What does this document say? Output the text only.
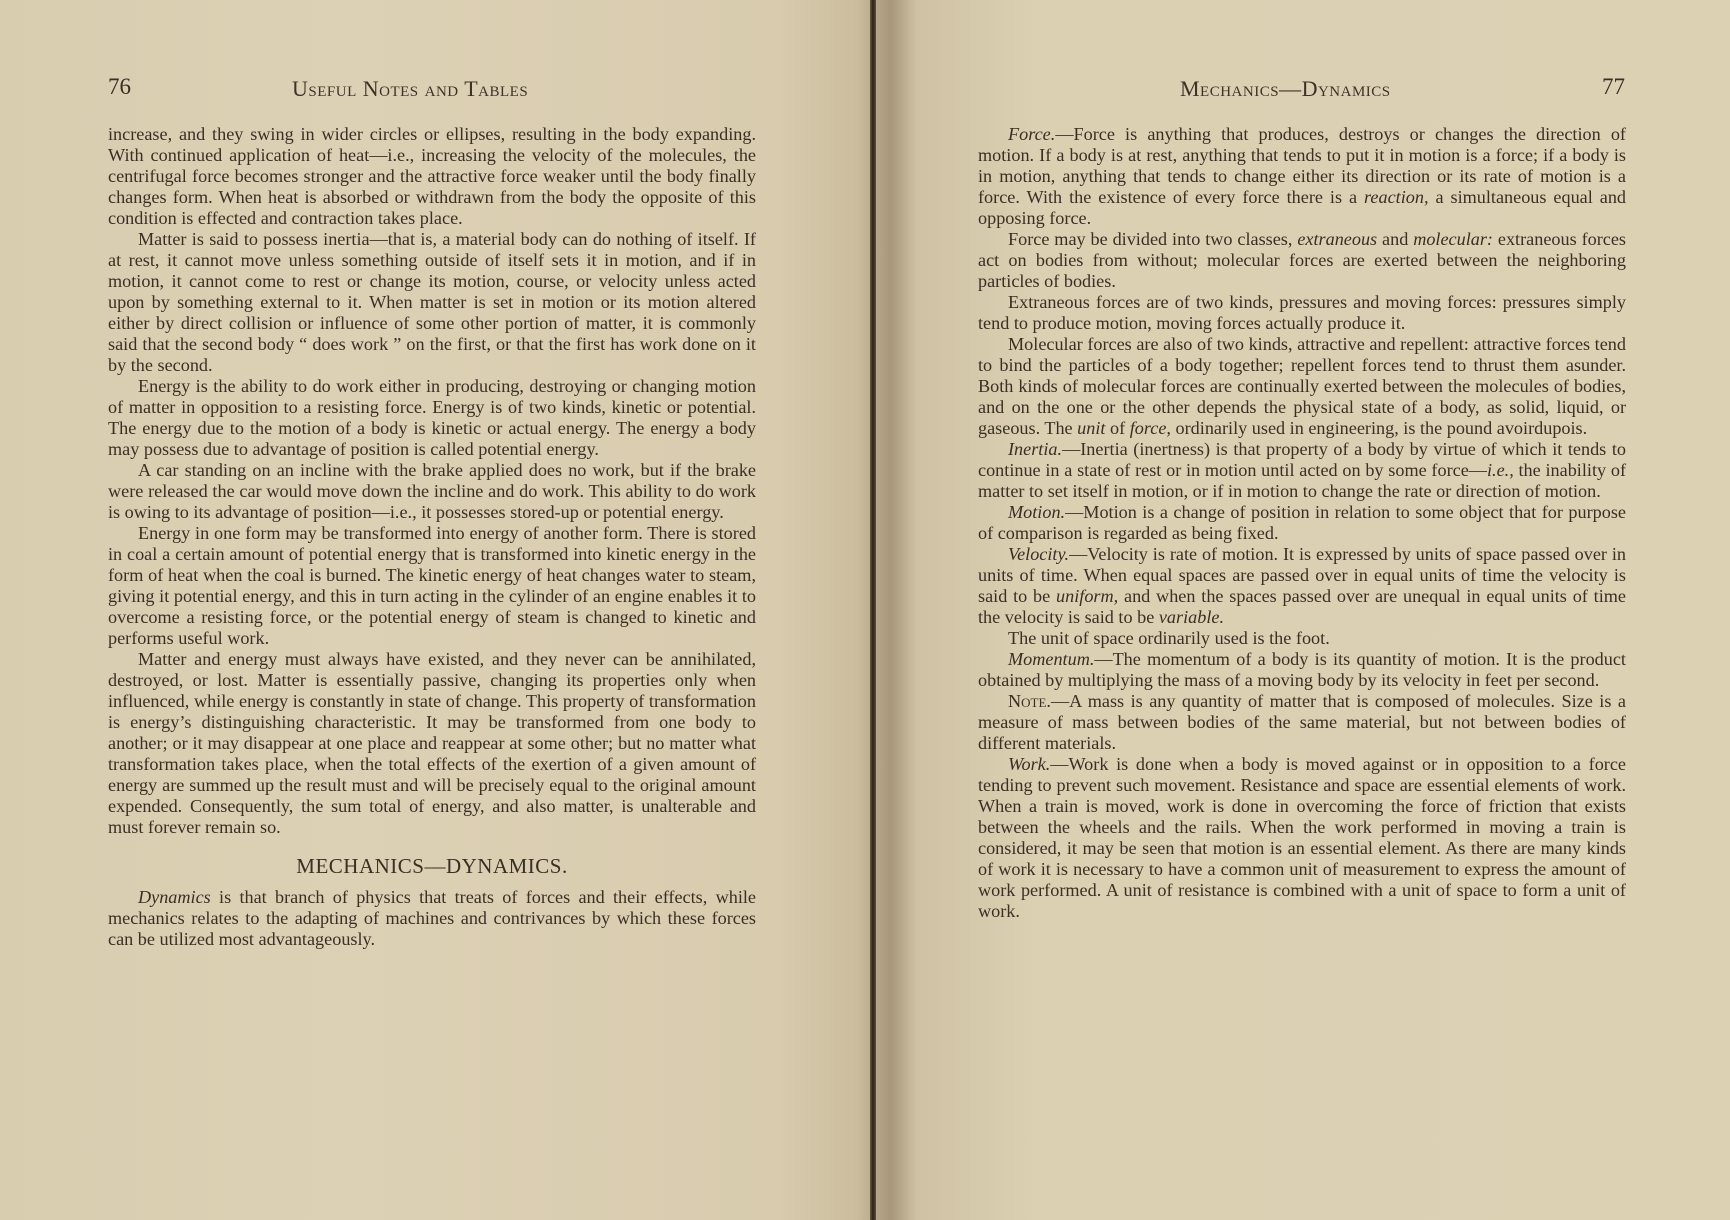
76	Useful Notes and Tables

increase, and they swing in wider circles or ellipses, resulting in the body expanding. With continued application of heat—i.e., increasing the velocity of the molecules, the centrifugal force becomes stronger and the attractive force weaker until the body finally changes form. When heat is absorbed or withdrawn from the body the opposite of this condition is effected and contraction takes place.

Matter is said to possess inertia—that is, a material body can do nothing of itself. If at rest, it cannot move unless something outside of itself sets it in motion, and if in motion, it cannot come to rest or change its motion, course, or velocity unless acted upon by something external to it. When matter is set in motion or its motion altered either by direct collision or influence of some other portion of matter, it is commonly said that the second body “ does work ” on the first, or that the first has work done on it by the second.

Energy is the ability to do work either in producing, destroying or changing motion of matter in opposition to a resisting force. Energy is of two kinds, kinetic or potential. The energy due to the motion of a body is kinetic or actual energy. The energy a body may possess due to advantage of position is called potential energy.

A car standing on an incline with the brake applied does no work, but if the brake were released the car would move down the incline and do work. This ability to do work is owing to its advantage of position—i.e., it possesses stored-up or potential energy.

Energy in one form may be transformed into energy of another form. There is stored in coal a certain amount of potential energy that is transformed into kinetic energy in the form of heat when the coal is burned. The kinetic energy of heat changes water to steam, giving it potential energy, and this in turn acting in the cylinder of an engine enables it to overcome a resisting force, or the potential energy of steam is changed to kinetic and performs useful work.

Matter and energy must always have existed, and they never can be annihilated, destroyed, or lost. Matter is essentially passive, changing its properties only when influenced, while energy is constantly in state of change. This property of transformation is energy’s distinguishing characteristic. It may be transformed from one body to another; or it may disappear at one place and reappear at some other; but no matter what transformation takes place, when the total effects of the exertion of a given amount of energy are summed up the result must and will be precisely equal to the original amount expended. Consequently, the sum total of energy, and also matter, is unalterable and must forever remain so.

MECHANICS—DYNAMICS.

Dynamics is that branch of physics that treats of forces and their effects, while mechanics relates to the adapting of machines and contrivances by which these forces can be utilized most advantageously.

Mechanics—Dynamics	77

Force.—Force is anything that produces, destroys or changes the direction of motion. If a body is at rest, anything that tends to put it in motion is a force; if a body is in motion, anything that tends to change either its direction or its rate of motion is a force. With the existence of every force there is a reaction, a simultaneous equal and opposing force.

Force may be divided into two classes, extraneous and molecular: extraneous forces act on bodies from without; molecular forces are exerted between the neighboring particles of bodies.

Extraneous forces are of two kinds, pressures and moving forces: pressures simply tend to produce motion, moving forces actually produce it.

Molecular forces are also of two kinds, attractive and repellent: attractive forces tend to bind the particles of a body together; repellent forces tend to thrust them asunder. Both kinds of molecular forces are continually exerted between the molecules of bodies, and on the one or the other depends the physical state of a body, as solid, liquid, or gaseous. The unit of force, ordinarily used in engineering, is the pound avoirdupois.

Inertia.—Inertia (inertness) is that property of a body by virtue of which it tends to continue in a state of rest or in motion until acted on by some force—i.e., the inability of matter to set itself in motion, or if in motion to change the rate or direction of motion.

Motion.—Motion is a change of position in relation to some object that for purpose of comparison is regarded as being fixed.

Velocity.—Velocity is rate of motion. It is expressed by units of space passed over in units of time. When equal spaces are passed over in equal units of time the velocity is said to be uniform, and when the spaces passed over are unequal in equal units of time the velocity is said to be variable.

The unit of space ordinarily used is the foot.

Momentum.—The momentum of a body is its quantity of motion. It is the product obtained by multiplying the mass of a moving body by its velocity in feet per second.

Note.—A mass is any quantity of matter that is composed of molecules. Size is a measure of mass between bodies of the same material, but not between bodies of different materials.

Work.—Work is done when a body is moved against or in opposition to a force tending to prevent such movement. Resistance and space are essential elements of work. When a train is moved, work is done in overcoming the force of friction that exists between the wheels and the rails. When the work performed in moving a train is considered, it may be seen that motion is an essential element. As there are many kinds of work it is necessary to have a common unit of measurement to express the amount of work performed. A unit of resistance is combined with a unit of space to form a unit of work.
